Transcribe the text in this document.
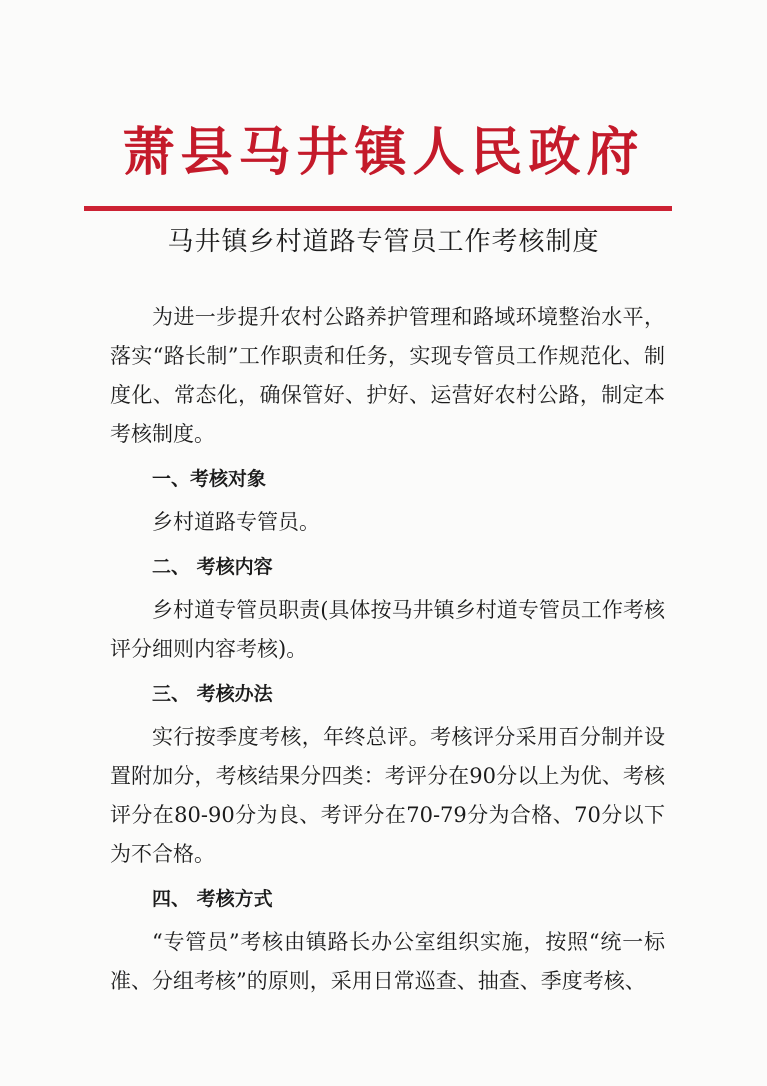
萧县马井镇人民政府
马井镇乡村道路专管员工作考核制度

为进一步提升农村公路养护管理和路域环境整治水平，落实“路长制”工作职责和任务，实现专管员工作规范化、制度化、常态化，确保管好、护好、运营好农村公路，制定本考核制度。

一、考核对象

乡村道路专管员。

二、 考核内容

乡村道专管员职责(具体按马井镇乡村道专管员工作考核评分细则内容考核)。

三、 考核办法

实行按季度考核，年终总评。考核评分采用百分制并设置附加分，考核结果分四类：考评分在90分以上为优、考核评分在80-90分为良、考评分在70-79分为合格、70分以下为不合格。

四、 考核方式

“专管员”考核由镇路长办公室组织实施，按照“统一标准、分组考核”的原则，采用日常巡查、抽查、季度考核、
